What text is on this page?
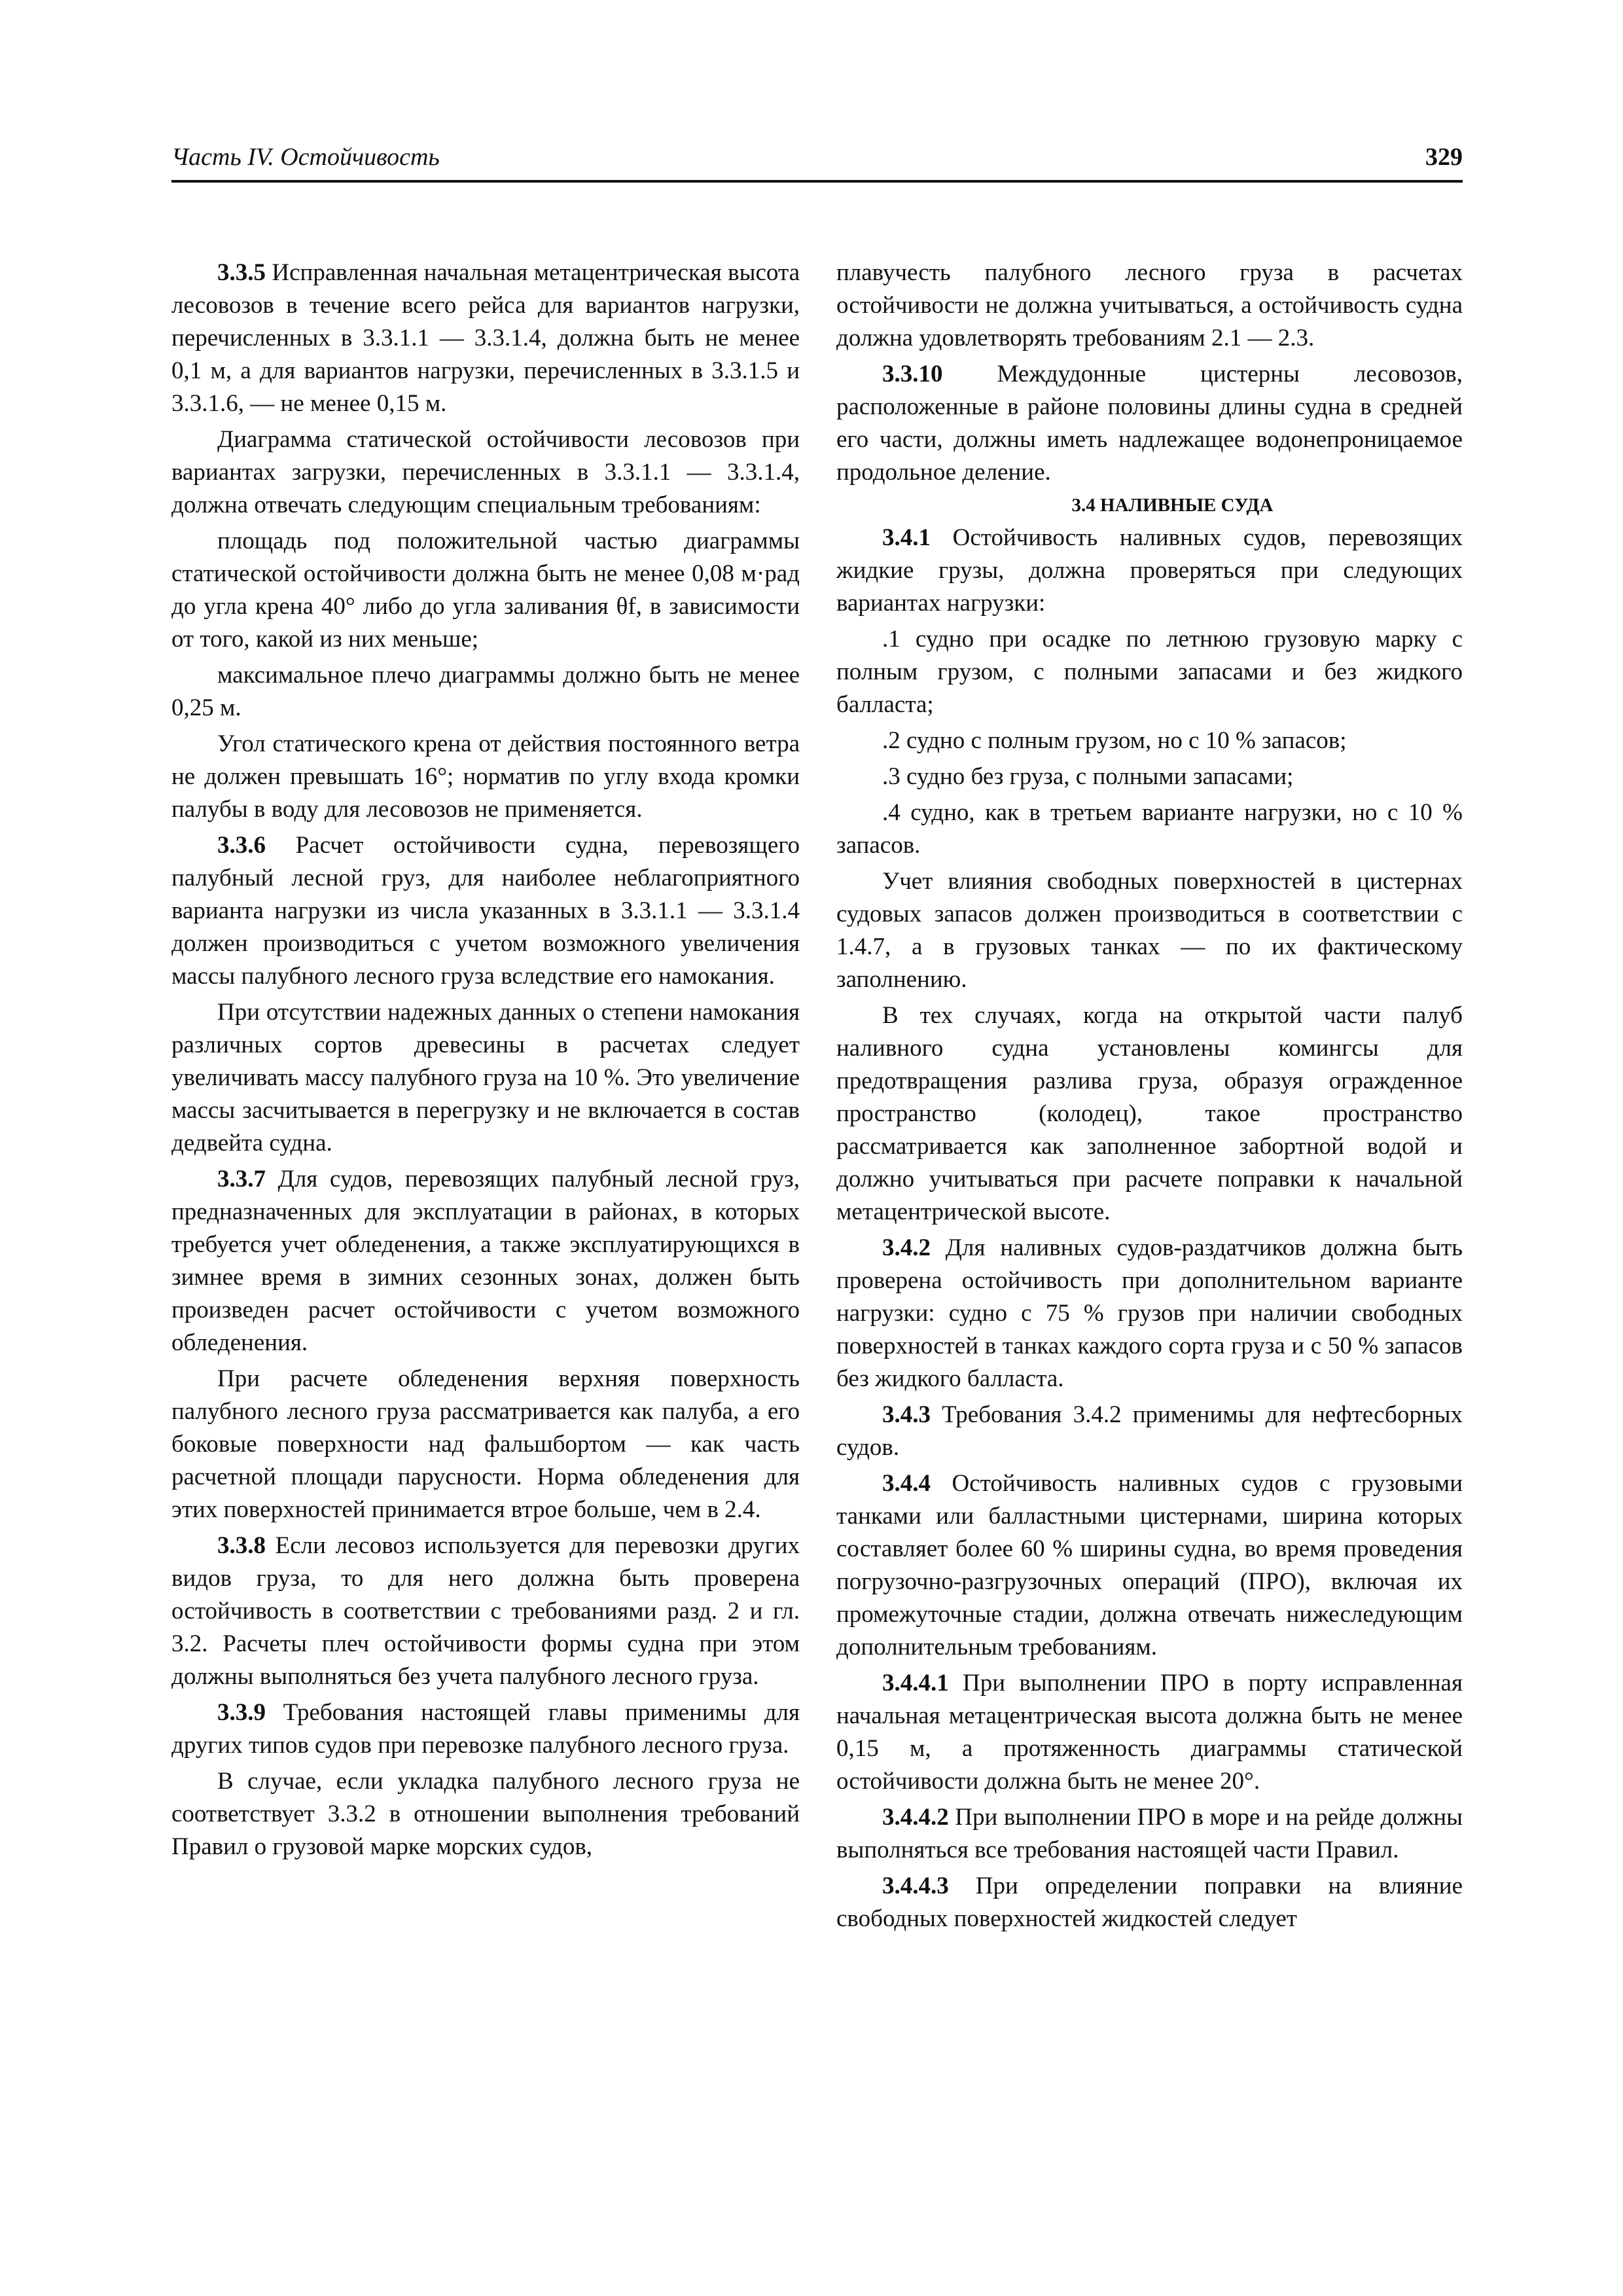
Часть IV. Остойчивость	329

3.3.5 Исправленная начальная метацентрическая высота лесовозов в течение всего рейса для вариантов нагрузки, перечисленных в 3.3.1.1 — 3.3.1.4, должна быть не менее 0,1 м, а для вариантов нагрузки, перечисленных в 3.3.1.5 и 3.3.1.6, — не менее 0,15 м.

Диаграмма статической остойчивости лесовозов при вариантах загрузки, перечисленных в 3.3.1.1 — 3.3.1.4, должна отвечать следующим специальным требованиям:

площадь под положительной частью диаграммы статической остойчивости должна быть не менее 0,08 м·рад до угла крена 40° либо до угла заливания θf, в зависимости от того, какой из них меньше;

максимальное плечо диаграммы должно быть не менее 0,25 м.

Угол статического крена от действия постоянного ветра не должен превышать 16°; норматив по углу входа кромки палубы в воду для лесовозов не применяется.

3.3.6 Расчет остойчивости судна, перевозящего палубный лесной груз, для наиболее неблагоприятного варианта нагрузки из числа указанных в 3.3.1.1 — 3.3.1.4 должен производиться с учетом возможного увеличения массы палубного лесного груза вследствие его намокания.

При отсутствии надежных данных о степени намокания различных сортов древесины в расчетах следует увеличивать массу палубного груза на 10 %. Это увеличение массы засчитывается в перегрузку и не включается в состав дедвейта судна.

3.3.7 Для судов, перевозящих палубный лесной груз, предназначенных для эксплуатации в районах, в которых требуется учет обледенения, а также эксплуатирующихся в зимнее время в зимних сезонных зонах, должен быть произведен расчет остойчивости с учетом возможного обледенения.

При расчете обледенения верхняя поверхность палубного лесного груза рассматривается как палуба, а его боковые поверхности над фальшбортом — как часть расчетной площади парусности. Норма обледенения для этих поверхностей принимается втрое больше, чем в 2.4.

3.3.8 Если лесовоз используется для перевозки других видов груза, то для него должна быть проверена остойчивость в соответствии с требованиями разд. 2 и гл. 3.2. Расчеты плеч остойчивости формы судна при этом должны выполняться без учета палубного лесного груза.

3.3.9 Требования настоящей главы применимы для других типов судов при перевозке палубного лесного груза.

В случае, если укладка палубного лесного груза не соответствует 3.3.2 в отношении выполнения требований Правил о грузовой марке морских судов,

плавучесть палубного лесного груза в расчетах остойчивости не должна учитываться, а остойчивость судна должна удовлетворять требованиям 2.1 — 2.3.

3.3.10 Междудонные цистерны лесовозов, расположенные в районе половины длины судна в средней его части, должны иметь надлежащее водонепроницаемое продольное деление.

3.4 НАЛИВНЫЕ СУДА

3.4.1 Остойчивость наливных судов, перевозящих жидкие грузы, должна проверяться при следующих вариантах нагрузки:

.1 судно при осадке по летнюю грузовую марку с полным грузом, с полными запасами и без жидкого балласта;

.2 судно с полным грузом, но с 10 % запасов;

.3 судно без груза, с полными запасами;

.4 судно, как в третьем варианте нагрузки, но с 10 % запасов.

Учет влияния свободных поверхностей в цистернах судовых запасов должен производиться в соответствии с 1.4.7, а в грузовых танках — по их фактическому заполнению.

В тех случаях, когда на открытой части палуб наливного судна установлены комингсы для предотвращения разлива груза, образуя огражденное пространство (колодец), такое пространство рассматривается как заполненное забортной водой и должно учитываться при расчете поправки к начальной метацентрической высоте.

3.4.2 Для наливных судов-раздатчиков должна быть проверена остойчивость при дополнительном варианте нагрузки: судно с 75 % грузов при наличии свободных поверхностей в танках каждого сорта груза и с 50 % запасов без жидкого балласта.

3.4.3 Требования 3.4.2 применимы для нефтесборных судов.

3.4.4 Остойчивость наливных судов с грузовыми танками или балластными цистернами, ширина которых составляет более 60 % ширины судна, во время проведения погрузочно-разгрузочных операций (ПРО), включая их промежуточные стадии, должна отвечать нижеследующим дополнительным требованиям.

3.4.4.1 При выполнении ПРО в порту исправленная начальная метацентрическая высота должна быть не менее 0,15 м, а протяженность диаграммы статической остойчивости должна быть не менее 20°.

3.4.4.2 При выполнении ПРО в море и на рейде должны выполняться все требования настоящей части Правил.

3.4.4.3 При определении поправки на влияние свободных поверхностей жидкостей следует
